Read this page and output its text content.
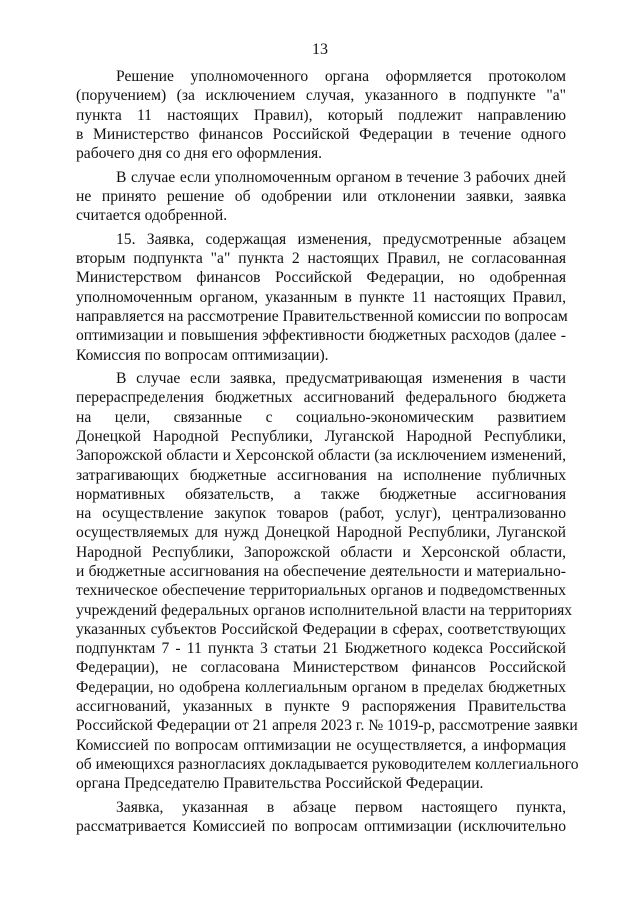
13
Решение уполномоченного органа оформляется протоколом
(поручением) (за исключением случая, указанного в подпункте "а"
пункта 11 настоящих Правил), который подлежит направлению
в Министерство финансов Российской Федерации в течение одного
рабочего дня со дня его оформления.
В случае если уполномоченным органом в течение 3 рабочих дней
не принято решение об одобрении или отклонении заявки, заявка
считается одобренной.
15. Заявка, содержащая изменения, предусмотренные абзацем
вторым подпункта "а" пункта 2 настоящих Правил, не согласованная
Министерством финансов Российской Федерации, но одобренная
уполномоченным органом, указанным в пункте 11 настоящих Правил,
направляется на рассмотрение Правительственной комиссии по вопросам
оптимизации и повышения эффективности бюджетных расходов (далее -
Комиссия по вопросам оптимизации).
В случае если заявка, предусматривающая изменения в части
перераспределения бюджетных ассигнований федерального бюджета
на цели, связанные с социально-экономическим развитием
Донецкой Народной Республики, Луганской Народной Республики,
Запорожской области и Херсонской области (за исключением изменений,
затрагивающих бюджетные ассигнования на исполнение публичных
нормативных обязательств, а также бюджетные ассигнования
на осуществление закупок товаров (работ, услуг), централизованно
осуществляемых для нужд Донецкой Народной Республики, Луганской
Народной Республики, Запорожской области и Херсонской области,
и бюджетные ассигнования на обеспечение деятельности и материально-
техническое обеспечение территориальных органов и подведомственных
учреждений федеральных органов исполнительной власти на территориях
указанных субъектов Российской Федерации в сферах, соответствующих
подпунктам 7 - 11 пункта 3 статьи 21 Бюджетного кодекса Российской
Федерации), не согласована Министерством финансов Российской
Федерации, но одобрена коллегиальным органом в пределах бюджетных
ассигнований, указанных в пункте 9 распоряжения Правительства
Российской Федерации от 21 апреля 2023 г. № 1019-р, рассмотрение заявки
Комиссией по вопросам оптимизации не осуществляется, а информация
об имеющихся разногласиях докладывается руководителем коллегиального
органа Председателю Правительства Российской Федерации.
Заявка, указанная в абзаце первом настоящего пункта,
рассматривается Комиссией по вопросам оптимизации (исключительно
